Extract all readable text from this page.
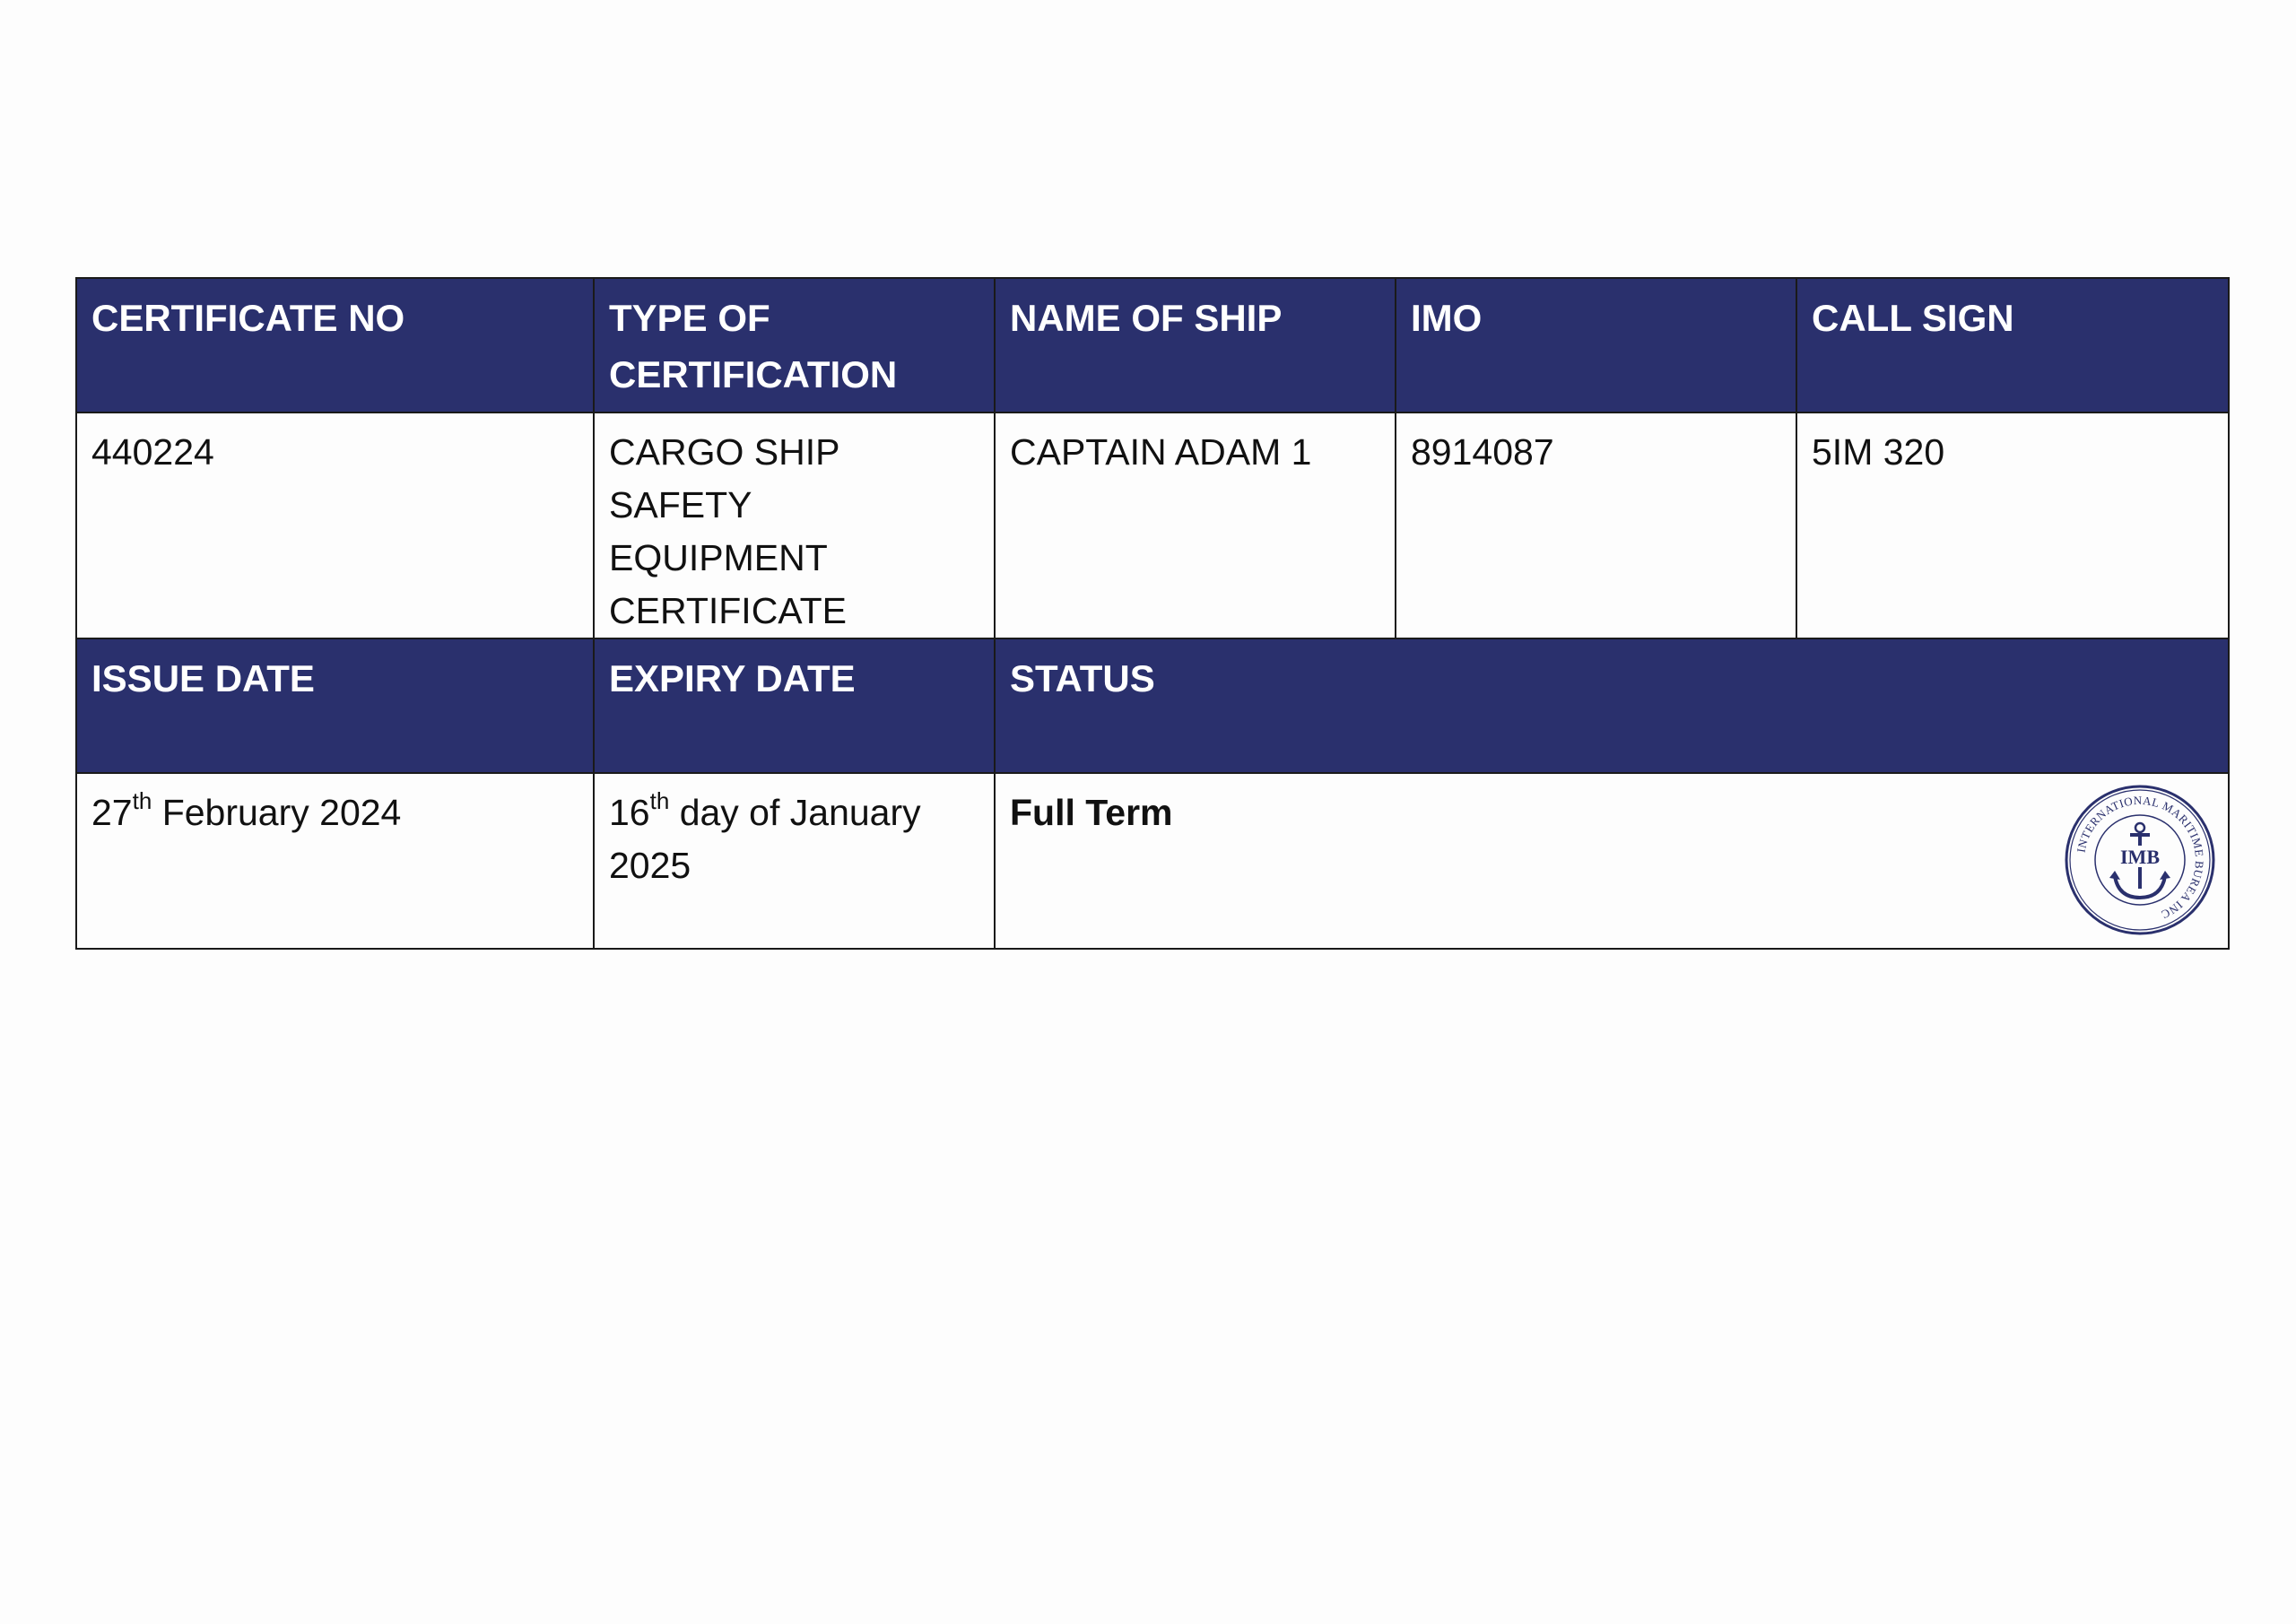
CERTIFICATE NO	TYPE OF CERTIFICATION	NAME OF SHIP	IMO	CALL SIGN
440224	CARGO SHIP SAFETY EQUIPMENT CERTIFICATE	CAPTAIN ADAM 1	8914087	5IM 320
ISSUE DATE	EXPIRY DATE	STATUS		
27th February 2024	16th day of January 2025	Full Term
INTERNATIONAL MARITIME BUREA INC
IMB		
